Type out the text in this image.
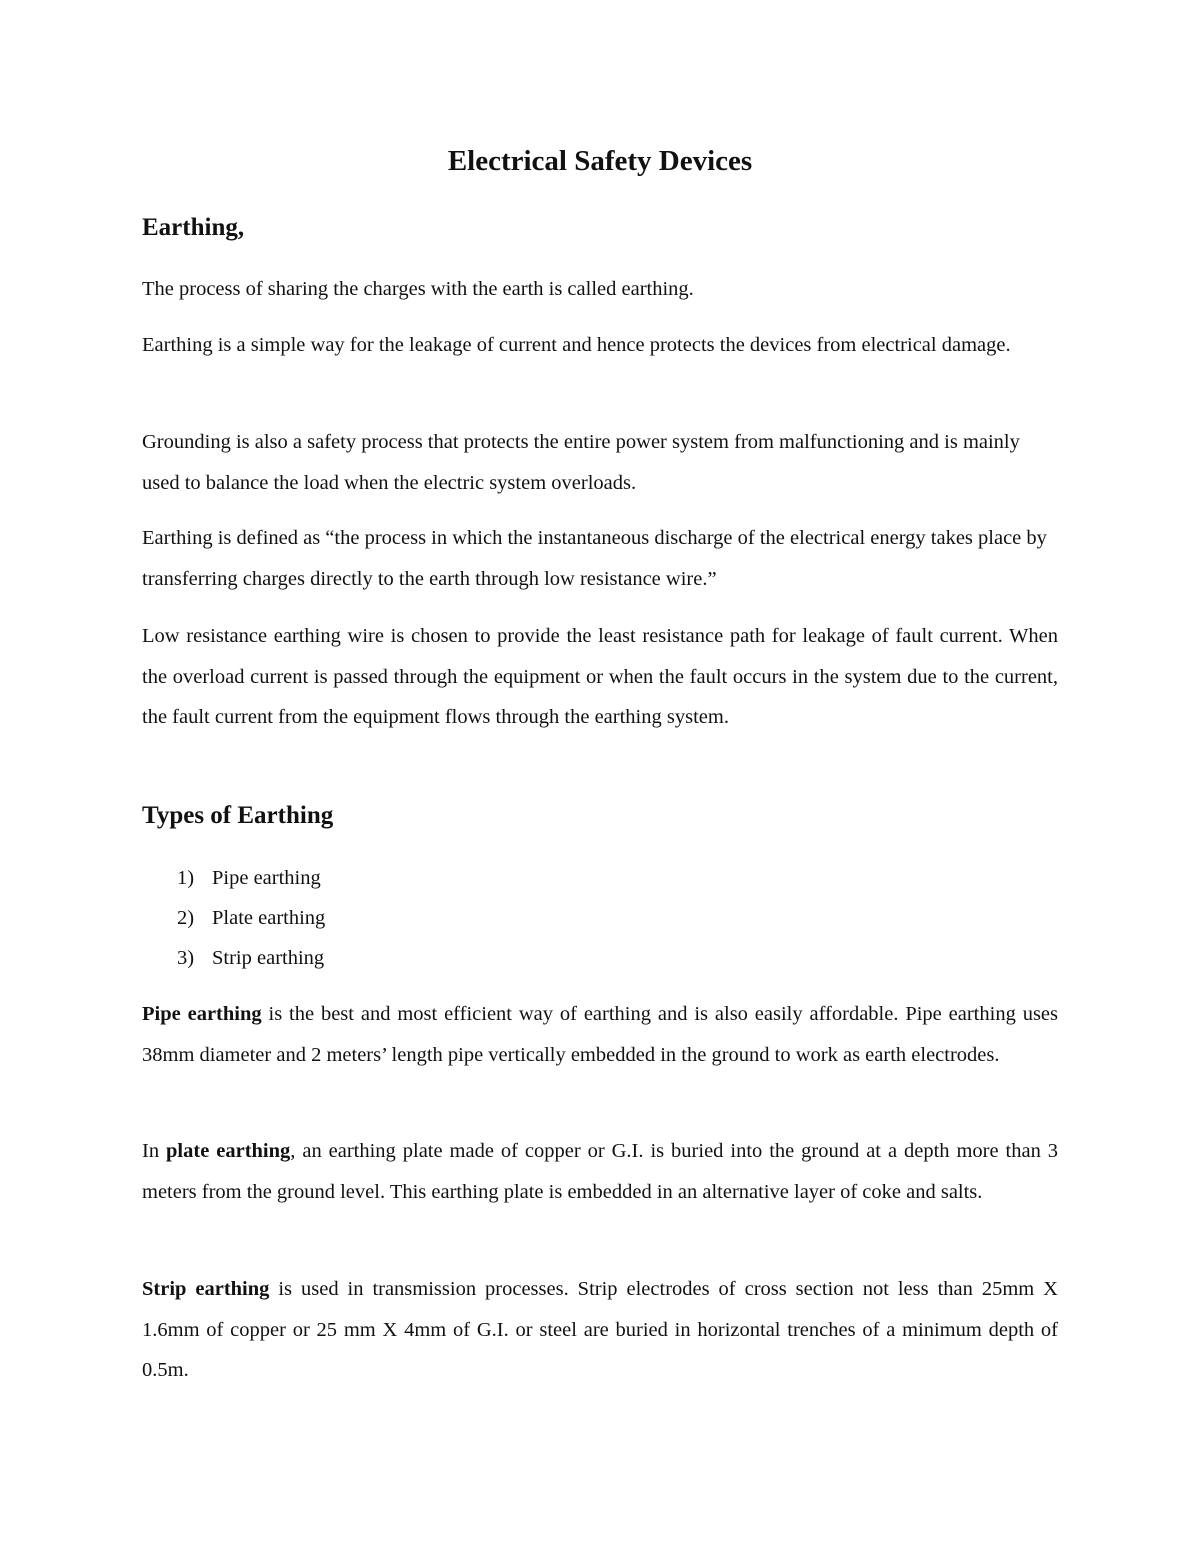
Electrical Safety Devices
Earthing,

The process of sharing the charges with the earth is called earthing.

Earthing is a simple way for the leakage of current and hence protects the devices from electrical damage.

Grounding is also a safety process that protects the entire power system from malfunctioning and is mainly used to balance the load when the electric system overloads.

Earthing is defined as “the process in which the instantaneous discharge of the electrical energy takes place by transferring charges directly to the earth through low resistance wire.”

Low resistance earthing wire is chosen to provide the least resistance path for leakage of fault current. When the overload current is passed through the equipment or when the fault occurs in the system due to the current, the fault current from the equipment flows through the earthing system.

Types of Earthing
1) Pipe earthing
2) Plate earthing
3) Strip earthing

Pipe earthing is the best and most efficient way of earthing and is also easily affordable. Pipe earthing uses 38mm diameter and 2 meters’ length pipe vertically embedded in the ground to work as earth electrodes.

In plate earthing, an earthing plate made of copper or G.I. is buried into the ground at a depth more than 3 meters from the ground level. This earthing plate is embedded in an alternative layer of coke and salts.

Strip earthing is used in transmission processes. Strip electrodes of cross section not less than 25mm X 1.6mm of copper or 25 mm X 4mm of G.I. or steel are buried in horizontal trenches of a minimum depth of 0.5m.
